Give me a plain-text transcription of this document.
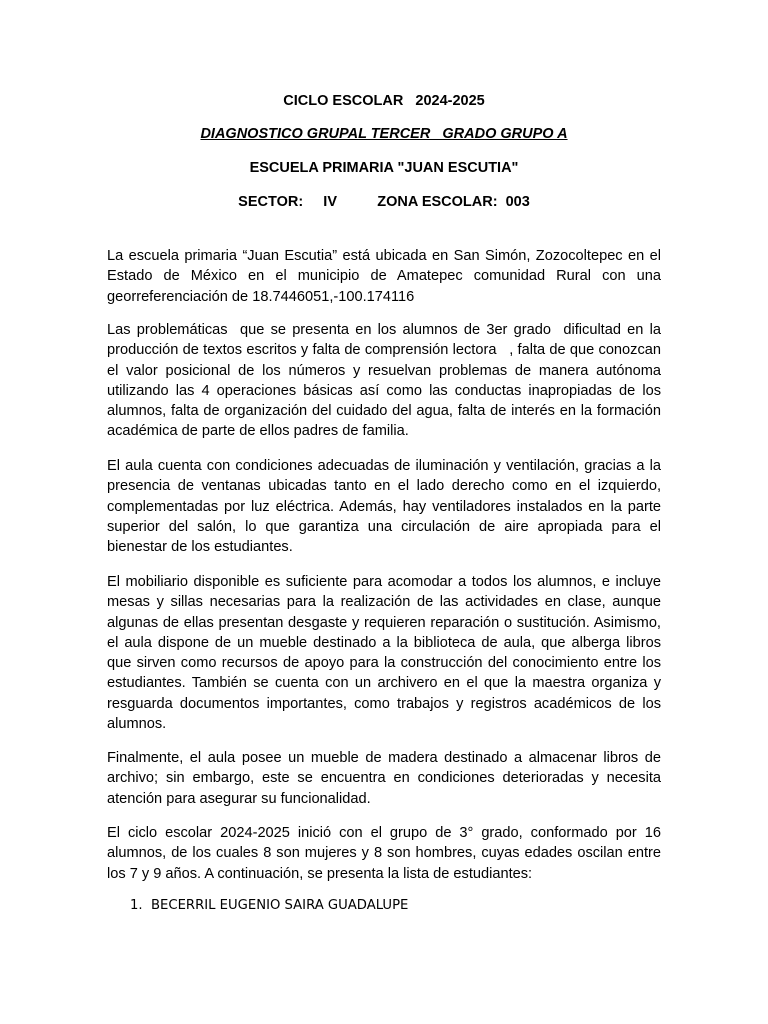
CICLO ESCOLAR   2024-2025
DIAGNOSTICO GRUPAL TERCER   GRADO GRUPO A
ESCUELA PRIMARIA "JUAN ESCUTIA"
SECTOR:     IV          ZONA ESCOLAR:  003
La escuela primaria “Juan Escutia” está ubicada en San Simón, Zozocoltepec en el Estado de México en el municipio de Amatepec comunidad Rural con una georreferenciación de 18.7446051,-100.174116
Las problemáticas  que se presenta en los alumnos de 3er grado  dificultad en la producción de textos escritos y falta de comprensión lectora   , falta de que conozcan el valor posicional de los números y resuelvan problemas de manera autónoma utilizando las 4 operaciones básicas así como las conductas inapropiadas de los alumnos, falta de organización del cuidado del agua, falta de interés en la formación académica de parte de ellos padres de familia.
El aula cuenta con condiciones adecuadas de iluminación y ventilación, gracias a la presencia de ventanas ubicadas tanto en el lado derecho como en el izquierdo, complementadas por luz eléctrica. Además, hay ventiladores instalados en la parte superior del salón, lo que garantiza una circulación de aire apropiada para el bienestar de los estudiantes.
El mobiliario disponible es suficiente para acomodar a todos los alumnos, e incluye mesas y sillas necesarias para la realización de las actividades en clase, aunque algunas de ellas presentan desgaste y requieren reparación o sustitución. Asimismo, el aula dispone de un mueble destinado a la biblioteca de aula, que alberga libros que sirven como recursos de apoyo para la construcción del conocimiento entre los estudiantes. También se cuenta con un archivero en el que la maestra organiza y resguarda documentos importantes, como trabajos y registros académicos de los alumnos.
Finalmente, el aula posee un mueble de madera destinado a almacenar libros de archivo; sin embargo, este se encuentra en condiciones deterioradas y necesita atención para asegurar su funcionalidad.
El ciclo escolar 2024-2025 inició con el grupo de 3° grado, conformado por 16 alumnos, de los cuales 8 son mujeres y 8 son hombres, cuyas edades oscilan entre los 7 y 9 años. A continuación, se presenta la lista de estudiantes:
1. BECERRIL EUGENIO SAIRA GUADALUPE
